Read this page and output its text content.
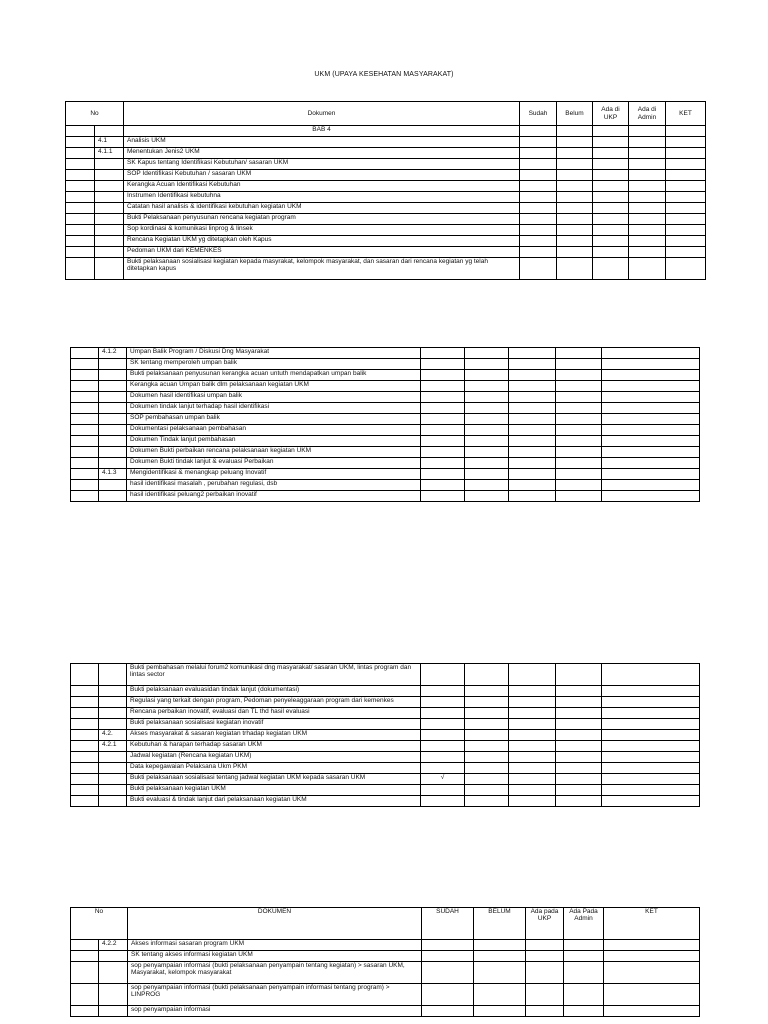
UKM (UPAYA KESEHATAN MASYARAKAT)
No		Dokumen	Sudah	Belum	Ada di UKP	Ada di Admin	KET
		BAB 4					
	4.1	Analisis UKM					
	4.1.1	Menentukan Jenis2 UKM					
		SK Kapus tentang Identifikasi Kebutuhan/ sasaran UKM					
		SOP Identifikasi Kebutuhan / sasaran UKM					
		Kerangka Acuan Identifikasi Kebutuhan					
		Instrumen Identifikasi kebutuhna					
		Catatan hasil analisis & identifikasi kebutuhan kegiatan UKM					
		Bukti Pelaksanaan penyusunan rencana kegiatan program					
		Sop kordinasi & komunikasi linprog & linsek					
		Rencana Kegiatan UKM yg ditetapkan oleh Kapus					
		Pedoman UKM dari KEMENKES					
		Bukti pelaksanaan sosialisasi kegiatan kepada masyrakat, kelompok masyarakat, dan sasaran dari rencana kegiatan yg telah ditetapkan kapus					
	4.1.2	Umpan Balik Program / Diskusi Dng Masyarakat					
		SK tentang memperoleh umpan balik					
		Bukti pelaksanaan penyusunan kerangka acuan untuth mendapatkan umpan balik					
		Kerangka acuan Umpan balik dlm pelaksanaan kegiatan UKM					
		Dokumen hasil identifikasi umpan balik					
		Dokumen tindak lanjut terhadap hasil identifikasi					
		SOP pembahasan umpan balik					
		Dokumentasi pelaksanaan pembahasan					
		Dokumen Tindak lanjut pembahasan					
		Dokumen Bukti perbaikan rencana pelaksanaan kegiatan UKM					
		Dokumen Bukti tindak lanjut & evaluasi Perbaikan					
	4.1.3	Mengidentifikasi & menangkap peluang Inovatif					
		hasil identifikasi masalah , perubahan regulasi, dsb					
		hasil identifikasi peluang2 perbaikan inovatif					
		Bukti pembahasan melalui forum2 komunikasi dng masyarakat/ sasaran UKM, lintas program dan lintas sector					
		Bukti pelaksanaan evaluasidan tindak lanjut (dokumentasi)					
		Regulasi yang terkait dengan program, Pedoman penyeleaggaraan program dari kemenkes					
		Rencana perbaikan inovatif, evaluasi dan TL thd hasil evaluasi					
		Bukti pelaksanaan sosialisasi kegiatan inovatif					
	4.2.	Akses masyarakat & sasaran kegiatan trhadap kegiatan UKM					
	4.2.1	Kebutuhan & harapan terhadap sasaran UKM					
		Jadwal kegiatan (Rencana kegiatan UKM)					
		Data kepegawaian Pelaksana Ukm PKM					
		Bukti pelaksanaan sosialisasi tentang jadwal kegiatan UKM kepada sasaran UKM	√				
		Bukti pelaksanaan kegiatan UKM					
		Bukti evaluasi & tindak lanjut dari pelaksanaan kegiatan UKM					
No		DOKUMEN	SUDAH	BELUM	Ada pada UKP	Ada Pada Admin	KET
	4.2.2	Akses informasi sasaran program UKM					
		SK tentang akses informasi kegiatan UKM					
		sop penyampaian informasi (bukti pelaksanaan penyampain tentang kegiatan) > sasaran UKM, Masyarakat, kelompok masyarakat					
		sop penyampaian informasi (bukti pelaksanaan penyampain informasi tentang program) > LINPROG					
		sop penyampaian informasi					
